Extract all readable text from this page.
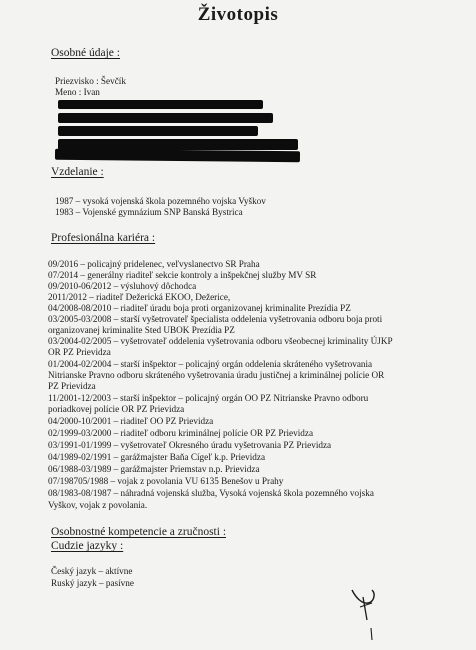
Životopis
Osobné údaje :
Priezvisko : Ševčík
Meno : Ivan
Vzdelanie :
1987 – vysoká vojenská škola pozemného vojska Vyškov
1983 – Vojenské gymnázium SNP Banská Bystrica
Profesionálna kariéra :
09/2016 – policajný pridelenec, veľvyslanectvo SR Praha
07/2014 – generálny riaditeľ sekcie kontroly a inšpekčnej služby MV SR
09/2010-06/2012 – výsluhový dôchodca
2011/2012 – riaditeľ Dežerická EKOO, Dežerice,
04/2008-08/2010 – riaditeľ úradu boja proti organizovanej kriminalite Prezídia PZ
03/2005-03/2008 – starší vyšetrovateľ špecialista oddelenia vyšetrovania odboru boja proti
organizovanej kriminalite Sted UBOK Prezídia PZ
03/2004-02/2005 – vyšetrovateľ oddelenia vyšetrovania odboru všeobecnej kriminality ÚJKP
OR PZ Prievidza
01/2004-02/2004 – starší inšpektor – policajný orgán oddelenia skráteného vyšetrovania
Nitrianske Pravno odboru skráteného vyšetrovania úradu justičnej a kriminálnej polície OR
PZ Prievidza
11/2001-12/2003 – starší inšpektor – policajný orgán OO PZ Nitrianske Pravno odboru
poriadkovej polície OR PZ Prievidza
04/2000-10/2001 – riaditeľ OO PZ Prievidza
02/1999-03/2000 – riaditeľ odboru kriminálnej polície OR PZ Prievidza
03/1991-01/1999 – vyšetrovateľ Okresného úradu vyšetrovania PZ Prievidza
04/1989-02/1991 – garážmajster Baňa Cígeľ k.p. Prievidza
06/1988-03/1989 – garážmajster Priemstav n.p. Prievidza
07/198705/1988 – vojak z povolania VU 6135 Benešov u Prahy
08/1983-08/1987 – náhradná vojenská služba, Vysoká vojenská škola pozemného vojska
Vyškov, vojak z povolania.
Osobnostné kompetencie a zručnosti :
Cudzie jazyky :
Český jazyk – aktívne
Ruský jazyk – pasívne
